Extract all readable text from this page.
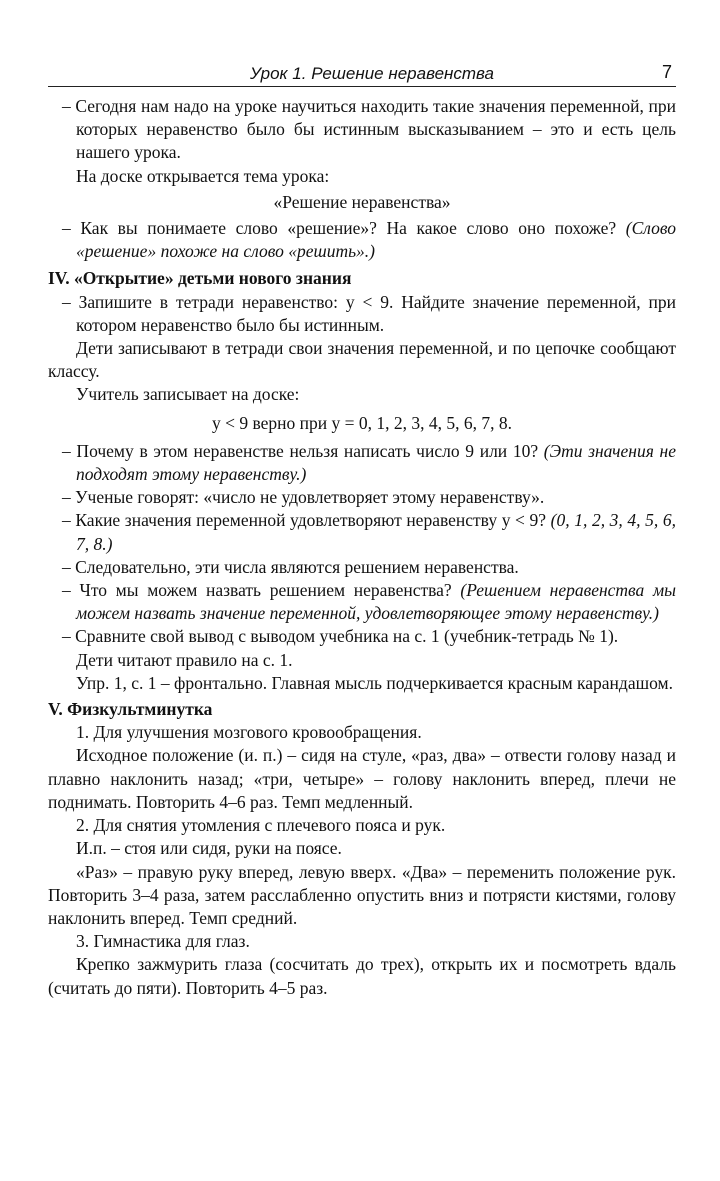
Урок 1. Решение неравенства	7

– Сегодня нам надо на уроке научиться находить такие значения переменной, при которых неравенство было бы истинным высказыванием – это и есть цель нашего урока.

На доске открывается тема урока:

«Решение неравенства»

– Как вы понимаете слово «решение»? На какое слово оно похоже? (Слово «решение» похоже на слово «решить».)

IV. «Открытие» детьми нового знания

– Запишите в тетради неравенство: y < 9. Найдите значение переменной, при котором неравенство было бы истинным.

Дети записывают в тетради свои значения переменной, и по цепочке сообщают классу.

Учитель записывает на доске:

y < 9 верно при y = 0, 1, 2, 3, 4, 5, 6, 7, 8.

– Почему в этом неравенстве нельзя написать число 9 или 10? (Эти значения не подходят этому неравенству.)

– Ученые говорят: «число не удовлетворяет этому неравенству».

– Какие значения переменной удовлетворяют неравенству y < 9? (0, 1, 2, 3, 4, 5, 6, 7, 8.)

– Следовательно, эти числа являются решением неравенства.

– Что мы можем назвать решением неравенства? (Решением неравенства мы можем назвать значение переменной, удовлетворяющее этому неравенству.)

– Сравните свой вывод с выводом учебника на с. 1 (учебник-тетрадь № 1).

Дети читают правило на с. 1.

Упр. 1, с. 1 – фронтально. Главная мысль подчеркивается красным карандашом.

V. Физкультминутка

1. Для улучшения мозгового кровообращения.

Исходное положение (и. п.) – сидя на стуле, «раз, два» – отвести голову назад и плавно наклонить назад; «три, четыре» – голову наклонить вперед, плечи не поднимать. Повторить 4–6 раз. Темп медленный.

2. Для снятия утомления с плечевого пояса и рук.

И.п. – стоя или сидя, руки на поясе.

«Раз» – правую руку вперед, левую вверх. «Два» – переменить положение рук. Повторить 3–4 раза, затем расслабленно опустить вниз и потрясти кистями, голову наклонить вперед. Темп средний.

3. Гимнастика для глаз.

Крепко зажмурить глаза (сосчитать до трех), открыть их и посмотреть вдаль (считать до пяти). Повторить 4–5 раз.
